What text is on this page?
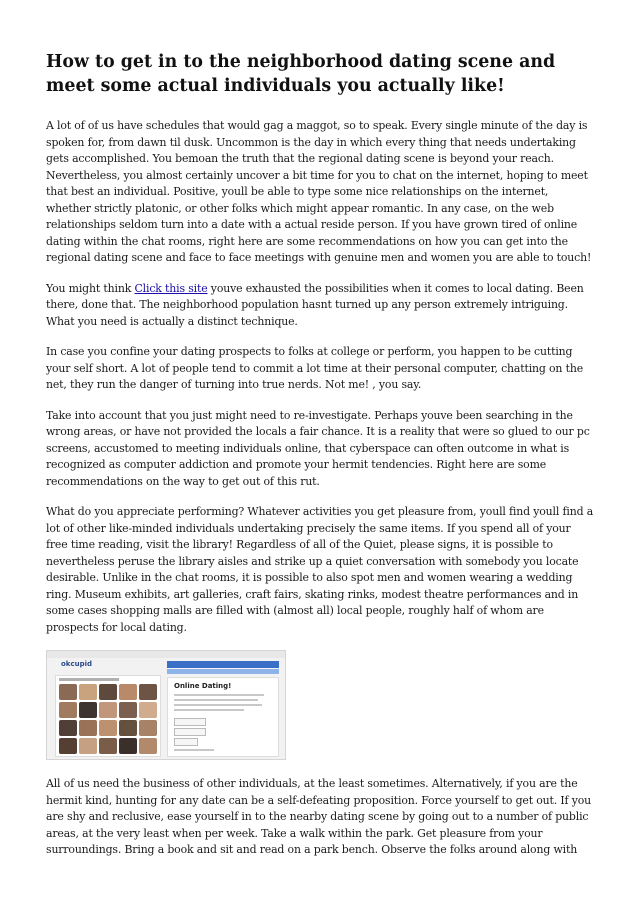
How to get in to the neighborhood dating scene and meet some actual individuals you actually like!

A lot of of us have schedules that would gag a maggot, so to speak. Every single minute of the day is spoken for, from dawn til dusk. Uncommon is the day in which every thing that needs undertaking gets accomplished. You bemoan the truth that the regional dating scene is beyond your reach. Nevertheless, you almost certainly uncover a bit time for you to chat on the internet, hoping to meet that best an individual. Positive, youll be able to type some nice relationships on the internet, whether strictly platonic, or other folks which might appear romantic. In any case, on the web relationships seldom turn into a date with a actual reside person. If you have grown tired of online dating within the chat rooms, right here are some recommendations on how you can get into the regional dating scene and face to face meetings with genuine men and women you are able to touch!

You might think Click this site youve exhausted the possibilities when it comes to local dating. Been there, done that. The neighborhood population hasnt turned up any person extremely intriguing. What you need is actually a distinct technique.

In case you confine your dating prospects to folks at college or perform, you happen to be cutting your self short. A lot of people tend to commit a lot time at their personal computer, chatting on the net, they run the danger of turning into true nerds. Not me! , you say.

Take into account that you just might need to re-investigate. Perhaps youve been searching in the wrong areas, or have not provided the locals a fair chance. It is a reality that were so glued to our pc screens, accustomed to meeting individuals online, that cyberspace can often outcome in what is recognized as computer addiction and promote your hermit tendencies. Right here are some recommendations on the way to get out of this rut.

What do you appreciate performing? Whatever activities you get pleasure from, youll find youll find a lot of other like-minded individuals undertaking precisely the same items. If you spend all of your free time reading, visit the library! Regardless of all of the Quiet, please signs, it is possible to nevertheless peruse the library aisles and strike up a quiet conversation with somebody you locate desirable. Unlike in the chat rooms, it is possible to also spot men and women wearing a wedding ring. Museum exhibits, art galleries, craft fairs, skating rinks, modest theatre performances and in some cases shopping malls are filled with (almost all) local people, roughly half of whom are prospects for local dating.

okcupid
Online Dating!

All of us need the business of other individuals, at the least sometimes. Alternatively, if you are the hermit kind, hunting for any date can be a self-defeating proposition. Force yourself to get out. If you are shy and reclusive, ease yourself in to the nearby dating scene by going out to a number of public areas, at the very least when per week. Take a walk within the park. Get pleasure from your surroundings. Bring a book and sit and read on a park bench. Observe the folks around along with
